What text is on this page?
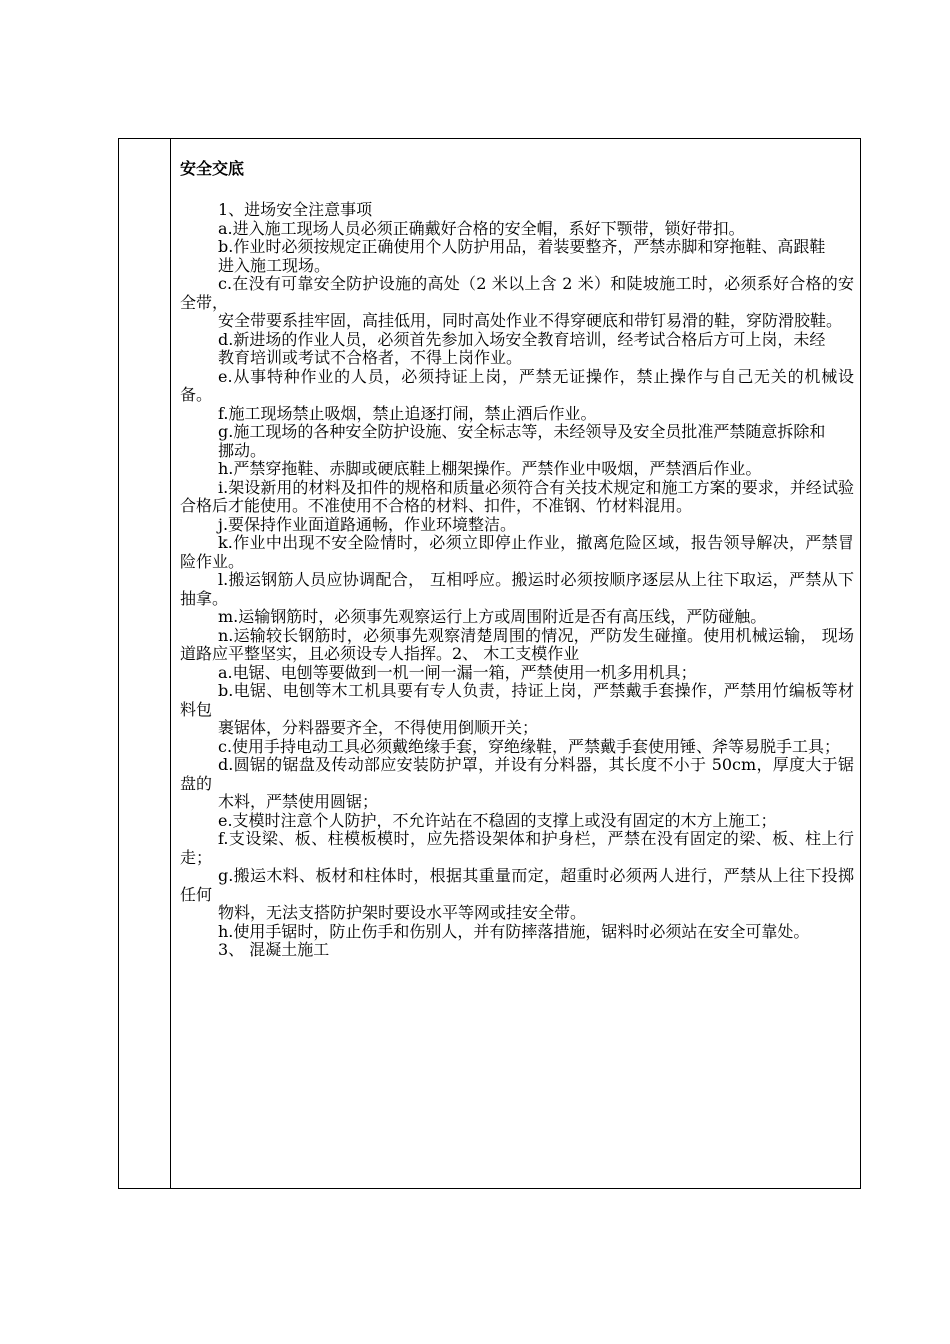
安全交底

1、进场安全注意事项

a.进入施工现场人员必须正确戴好合格的安全帽，系好下颚带，锁好带扣。

b.作业时必须按规定正确使用个人防护用品，着装要整齐，严禁赤脚和穿拖鞋、高跟鞋

进入施工现场。

c.在没有可靠安全防护设施的高处（2 米以上含 2 米）和陡坡施工时，必须系好合格的安全带，

安全带要系挂牢固，高挂低用，同时高处作业不得穿硬底和带钉易滑的鞋，穿防滑胶鞋。

d.新进场的作业人员，必须首先参加入场安全教育培训，经考试合格后方可上岗，未经

教育培训或考试不合格者，不得上岗作业。

e.从事特种作业的人员，必须持证上岗，严禁无证操作，禁止操作与自己无关的机械设备。

f.施工现场禁止吸烟，禁止追逐打闹，禁止酒后作业。

g.施工现场的各种安全防护设施、安全标志等，未经领导及安全员批准严禁随意拆除和

挪动。

h.严禁穿拖鞋、赤脚或硬底鞋上棚架操作。严禁作业中吸烟，严禁酒后作业。

i.架设新用的材料及扣件的规格和质量必须符合有关技术规定和施工方案的要求，并经试验合格后才能使用。不准使用不合格的材料、扣件，不准钢、竹材料混用。

j.要保持作业面道路通畅，作业环境整洁。

k.作业中出现不安全险情时，必须立即停止作业，撤离危险区域，报告领导解决，严禁冒险作业。

l.搬运钢筋人员应协调配合， 互相呼应。搬运时必须按顺序逐层从上往下取运，严禁从下抽拿。

m.运输钢筋时，必须事先观察运行上方或周围附近是否有高压线，严防碰触。

n.运输较长钢筋时，必须事先观察清楚周围的情况，严防发生碰撞。使用机械运输， 现场道路应平整坚实，且必须设专人指挥。2、 木工支模作业

a.电锯、电刨等要做到一机一闸一漏一箱，严禁使用一机多用机具；

b.电锯、电刨等木工机具要有专人负责，持证上岗，严禁戴手套操作，严禁用竹编板等材料包

裹锯体，分料器要齐全，不得使用倒顺开关；

c.使用手持电动工具必须戴绝缘手套，穿绝缘鞋，严禁戴手套使用锤、斧等易脱手工具；

d.圆锯的锯盘及传动部应安装防护罩，并设有分料器，其长度不小于 50cm，厚度大于锯盘的

木料，严禁使用圆锯；

e.支模时注意个人防护，不允许站在不稳固的支撑上或没有固定的木方上施工；

f.支设梁、板、柱模板模时，应先搭设架体和护身栏，严禁在没有固定的梁、板、柱上行走；

g.搬运木料、板材和柱体时，根据其重量而定，超重时必须两人进行，严禁从上往下投掷任何

物料，无法支搭防护架时要设水平等网或挂安全带。

h.使用手锯时，防止伤手和伤别人，并有防摔落措施，锯料时必须站在安全可靠处。

3、 混凝土施工
